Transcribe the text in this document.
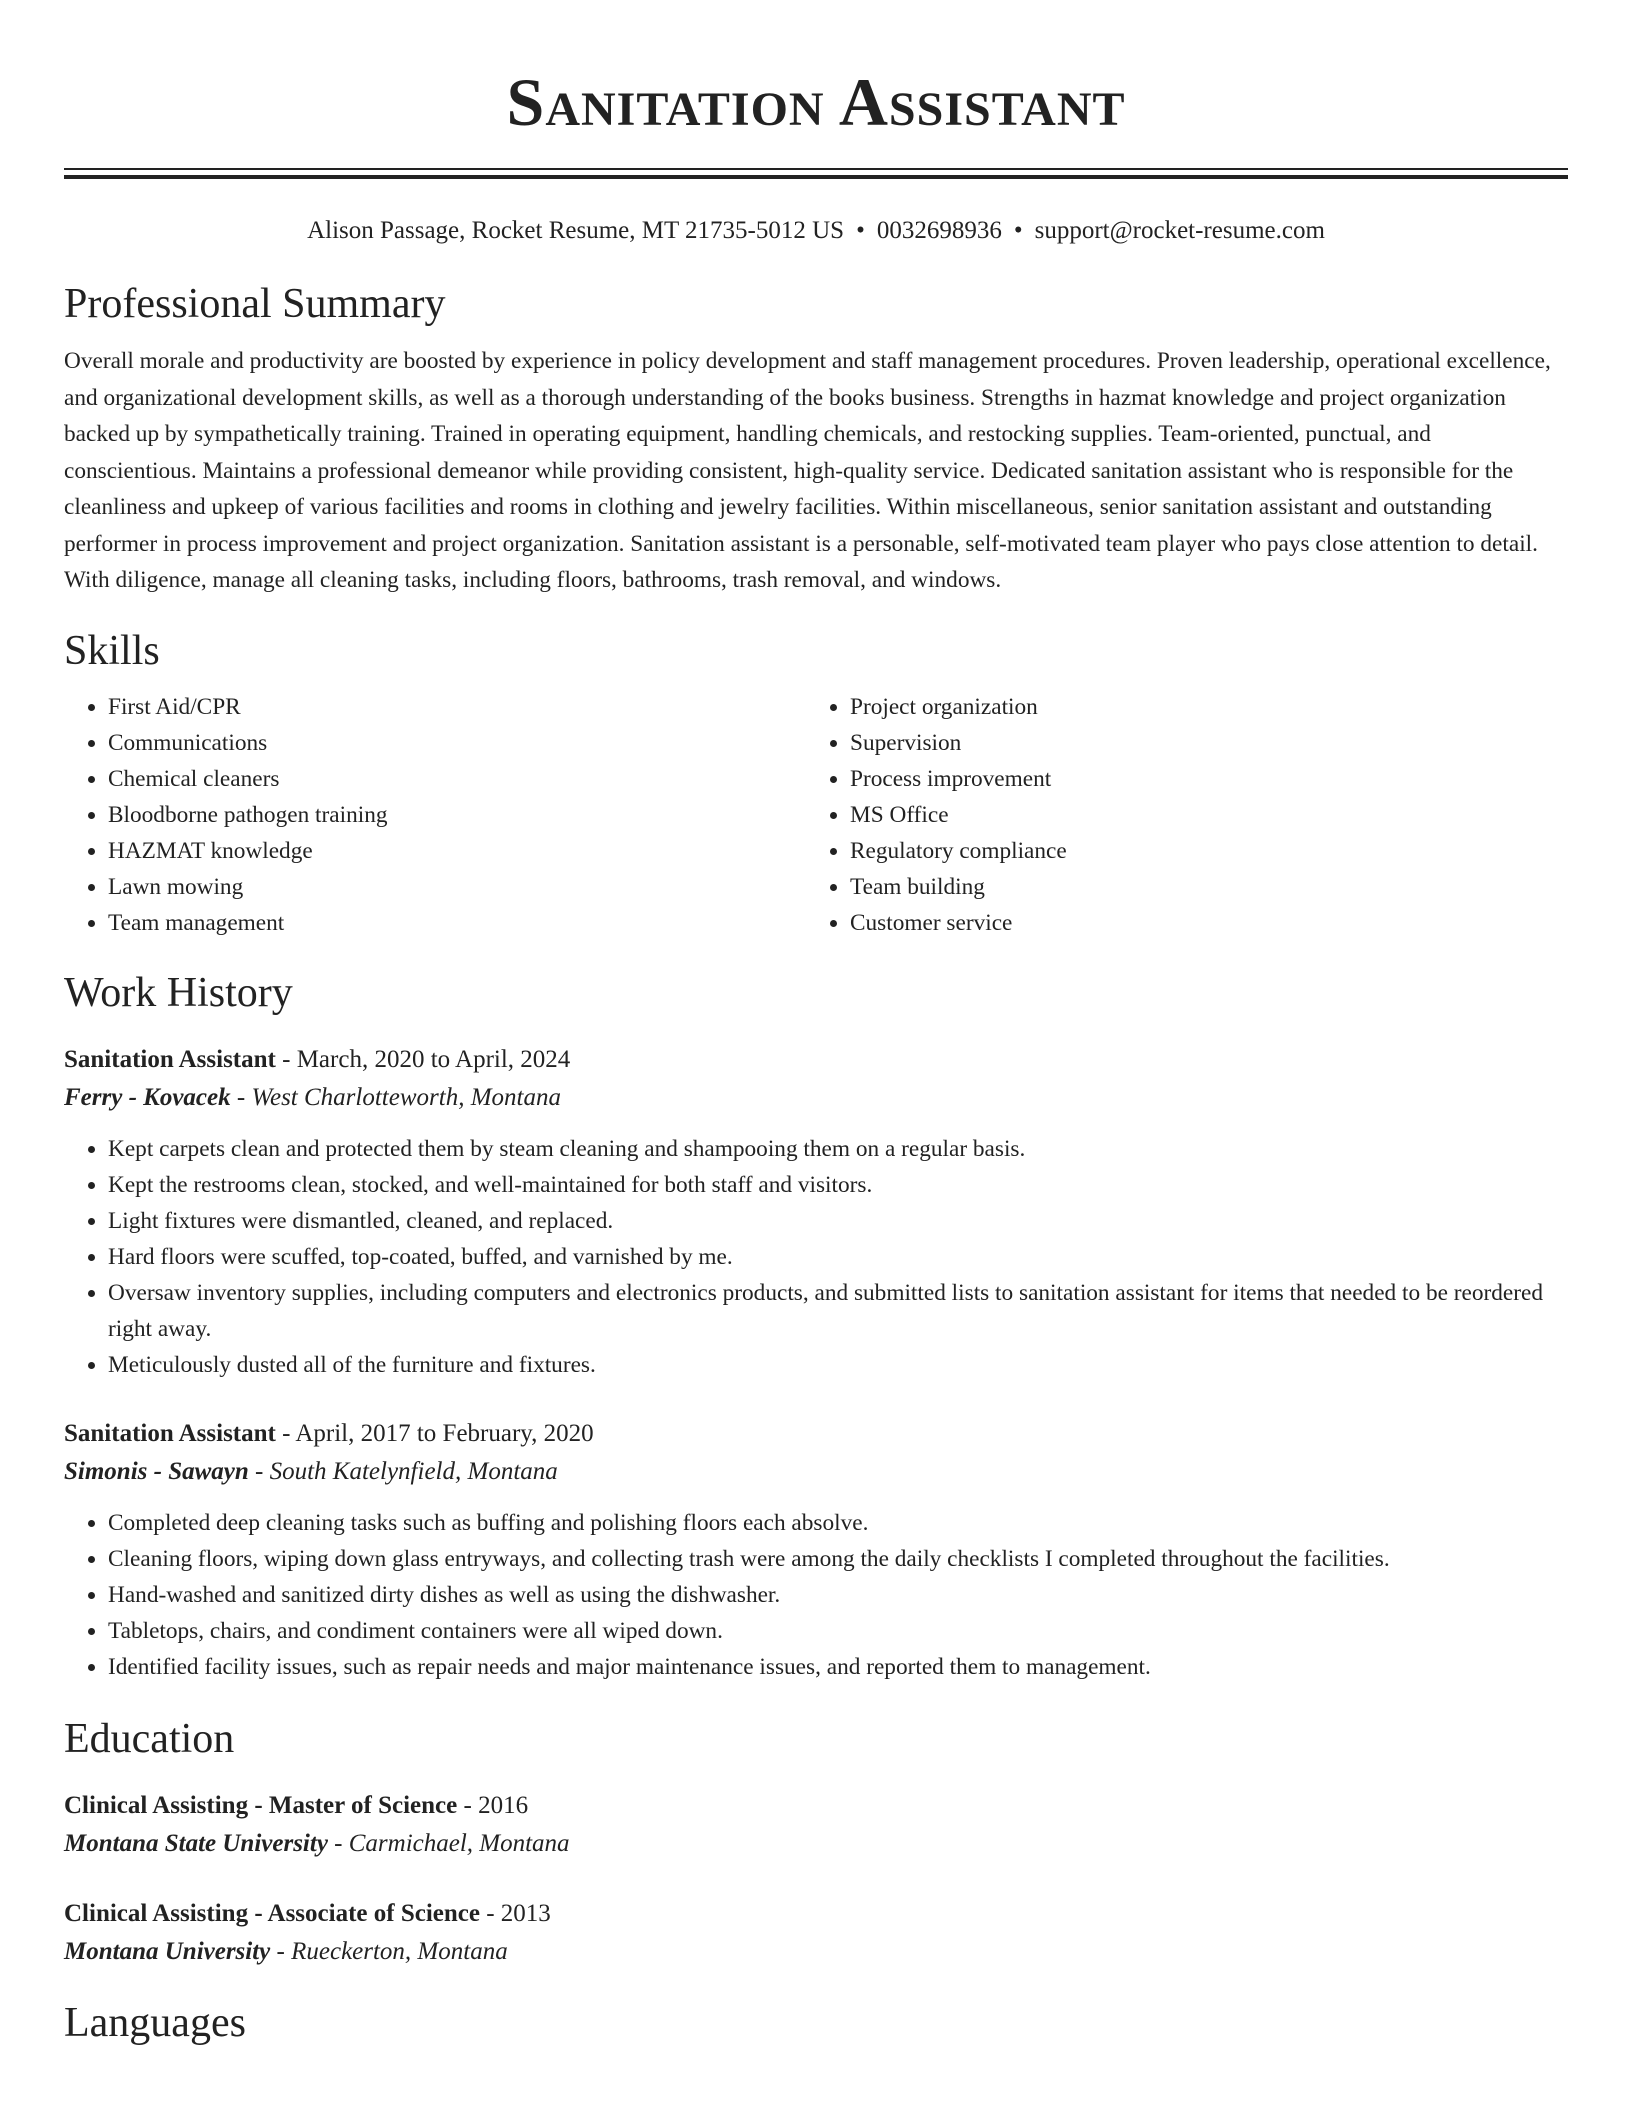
Sanitation Assistant
Alison Passage, Rocket Resume, MT 21735-5012 US • 0032698936 • support@rocket-resume.com
Professional Summary

Overall morale and productivity are boosted by experience in policy development and staff management procedures. Proven leadership, operational excellence, and organizational development skills, as well as a thorough understanding of the books business. Strengths in hazmat knowledge and project organization backed up by sympathetically training. Trained in operating equipment, handling chemicals, and restocking supplies. Team-oriented, punctual, and conscientious. Maintains a professional demeanor while providing consistent, high-quality service. Dedicated sanitation assistant who is responsible for the cleanliness and upkeep of various facilities and rooms in clothing and jewelry facilities. Within miscellaneous, senior sanitation assistant and outstanding performer in process improvement and project organization. Sanitation assistant is a personable, self-motivated team player who pays close attention to detail. With diligence, manage all cleaning tasks, including floors, bathrooms, trash removal, and windows.

Skills
• First Aid/CPR
• Communications
• Chemical cleaners
• Bloodborne pathogen training
• HAZMAT knowledge
• Lawn mowing
• Team management
• Project organization
• Supervision
• Process improvement
• MS Office
• Regulatory compliance
• Team building
• Customer service
Work History
Sanitation Assistant - March, 2020 to April, 2024
Ferry - Kovacek - West Charlotteworth, Montana
• Kept carpets clean and protected them by steam cleaning and shampooing them on a regular basis.
• Kept the restrooms clean, stocked, and well-maintained for both staff and visitors.
• Light fixtures were dismantled, cleaned, and replaced.
• Hard floors were scuffed, top-coated, buffed, and varnished by me.
• Oversaw inventory supplies, including computers and electronics products, and submitted lists to sanitation assistant for items that needed to be reordered right away.
• Meticulously dusted all of the furniture and fixtures.
Sanitation Assistant - April, 2017 to February, 2020
Simonis - Sawayn - South Katelynfield, Montana
• Completed deep cleaning tasks such as buffing and polishing floors each absolve.
• Cleaning floors, wiping down glass entryways, and collecting trash were among the daily checklists I completed throughout the facilities.
• Hand-washed and sanitized dirty dishes as well as using the dishwasher.
• Tabletops, chairs, and condiment containers were all wiped down.
• Identified facility issues, such as repair needs and major maintenance issues, and reported them to management.
Education
Clinical Assisting - Master of Science - 2016
Montana State University - Carmichael, Montana
Clinical Assisting - Associate of Science - 2013
Montana University - Rueckerton, Montana
Languages
